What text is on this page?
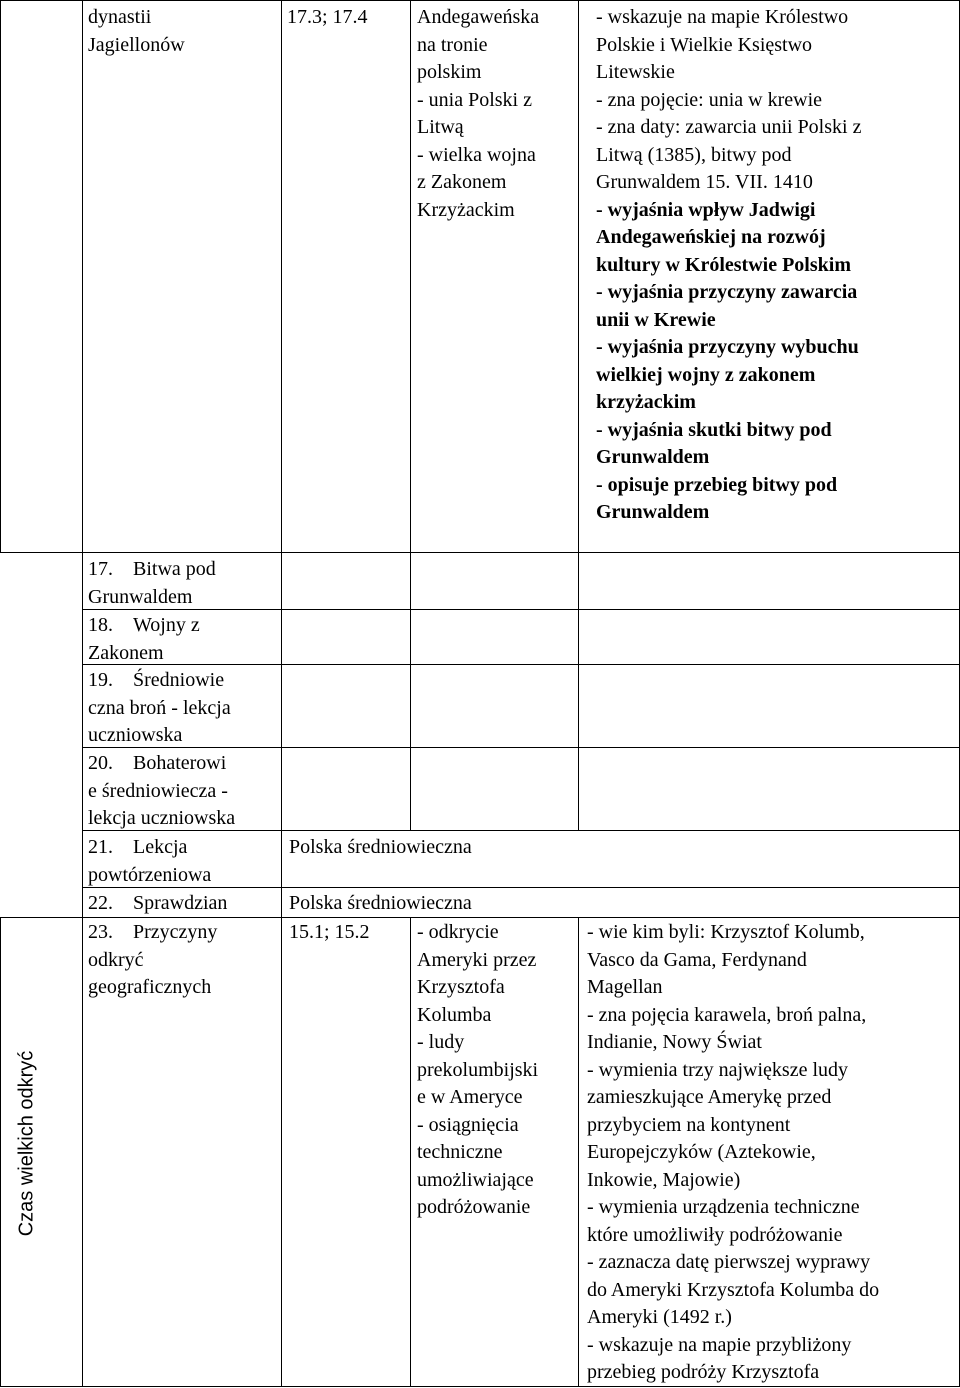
dynastii
Jagiellonów
17.3; 17.4 Andegaweńska
na tronie
polskim
- unia Polski z
Litwą
- wielka wojna
z Zakonem
Krzyżackim
- wskazuje na mapie Królestwo
Polskie i Wielkie Księstwo
Litewskie
- zna pojęcie: unia w krewie
- zna daty: zawarcia unii Polski z
Litwą (1385), bitwy pod
Grunwaldem 15. VII. 1410
- wyjaśnia wpływ Jadwigi
Andegaweńskiej na rozwój
kultury w Królestwie Polskim
- wyjaśnia przyczyny zawarcia
unii w Krewie
- wyjaśnia przyczyny wybuchu
wielkiej wojny z zakonem
krzyżackim
- wyjaśnia skutki bitwy pod
Grunwaldem
- opisuje przebieg bitwy pod
Grunwaldem
17. Bitwa pod
Grunwaldem
18. Wojny z
Zakonem
19. Średniowie
czna broń - lekcja
uczniowska
20. Bohaterowi
e średniowiecza -
lekcja uczniowska
21. Lekcja
powtórzeniowa
Polska średniowieczna
22. Sprawdzian	Polska średniowieczna
Czas wielkich odkryć
23. Przyczyny
odkryć
geograficznych
15.1; 15.2 - odkrycie
Ameryki przez
Krzysztofa
Kolumba
- ludy
prekolumbijski
e w Ameryce
- osiągnięcia
techniczne
umożliwiające
podróżowanie
- wie kim byli: Krzysztof Kolumb,
Vasco da Gama, Ferdynand
Magellan
- zna pojęcia karawela, broń palna,
Indianie, Nowy Świat
- wymienia trzy największe ludy
zamieszkujące Amerykę przed
przybyciem na kontynent
Europejczyków (Aztekowie,
Inkowie, Majowie)
- wymienia urządzenia techniczne
które umożliwiły podróżowanie
- zaznacza datę pierwszej wyprawy
do Ameryki Krzysztofa Kolumba do
Ameryki (1492 r.)
- wskazuje na mapie przybliżony
przebieg podróży Krzysztofa
